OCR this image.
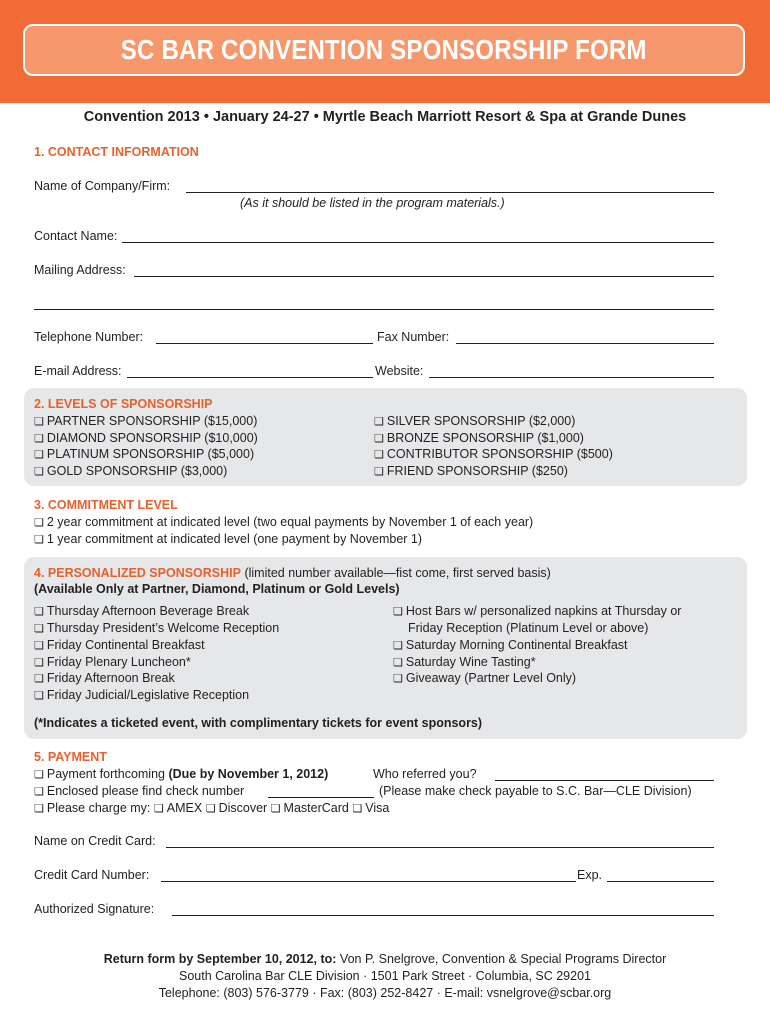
SC BAR CONVENTION SPONSORSHIP FORM
Convention 2013 • January 24-27 • Myrtle Beach Marriott Resort & Spa at Grande Dunes
1. CONTACT INFORMATION
Name of Company/Firm:
(As it should be listed in the program materials.)
Contact Name:
Mailing Address:
Telephone Number:	Fax Number:
E-mail Address:	Website:
2. LEVELS OF SPONSORSHIP
❏ PARTNER SPONSORSHIP ($15,000)
❏ DIAMOND SPONSORSHIP ($10,000)
❏ PLATINUM SPONSORSHIP ($5,000)
❏ GOLD SPONSORSHIP ($3,000)
❏ SILVER SPONSORSHIP ($2,000)
❏ BRONZE SPONSORSHIP ($1,000)
❏ CONTRIBUTOR SPONSORSHIP ($500)
❏ FRIEND SPONSORSHIP ($250)
3. COMMITMENT LEVEL
❏ 2 year commitment at indicated level (two equal payments by November 1 of each year)
❏ 1 year commitment at indicated level (one payment by November 1)
4. PERSONALIZED SPONSORSHIP (limited number available—fist come, first served basis)
(Available Only at Partner, Diamond, Platinum or Gold Levels)
❏ Thursday Afternoon Beverage Break
❏ Thursday President’s Welcome Reception
❏ Friday Continental Breakfast
❏ Friday Plenary Luncheon*
❏ Friday Afternoon Break
❏ Friday Judicial/Legislative Reception
❏ Host Bars w/ personalized napkins at Thursday or
Friday Reception (Platinum Level or above)
❏ Saturday Morning Continental Breakfast
❏ Saturday Wine Tasting*
❏ Giveaway (Partner Level Only)
(*Indicates a ticketed event, with complimentary tickets for event sponsors)
5. PAYMENT
❏ Payment forthcoming (Due by November 1, 2012)	Who referred you?
❏ Enclosed please find check number	(Please make check payable to S.C. Bar—CLE Division)
❏ Please charge my: ❏ AMEX ❏ Discover ❏ MasterCard ❏ Visa
Name on Credit Card:
Credit Card Number:	Exp.
Authorized Signature:
Return form by September 10, 2012, to: Von P. Snelgrove, Convention & Special Programs Director
South Carolina Bar CLE Division · 1501 Park Street · Columbia, SC 29201
Telephone: (803) 576-3779 · Fax: (803) 252-8427 · E-mail: vsnelgrove@scbar.org
